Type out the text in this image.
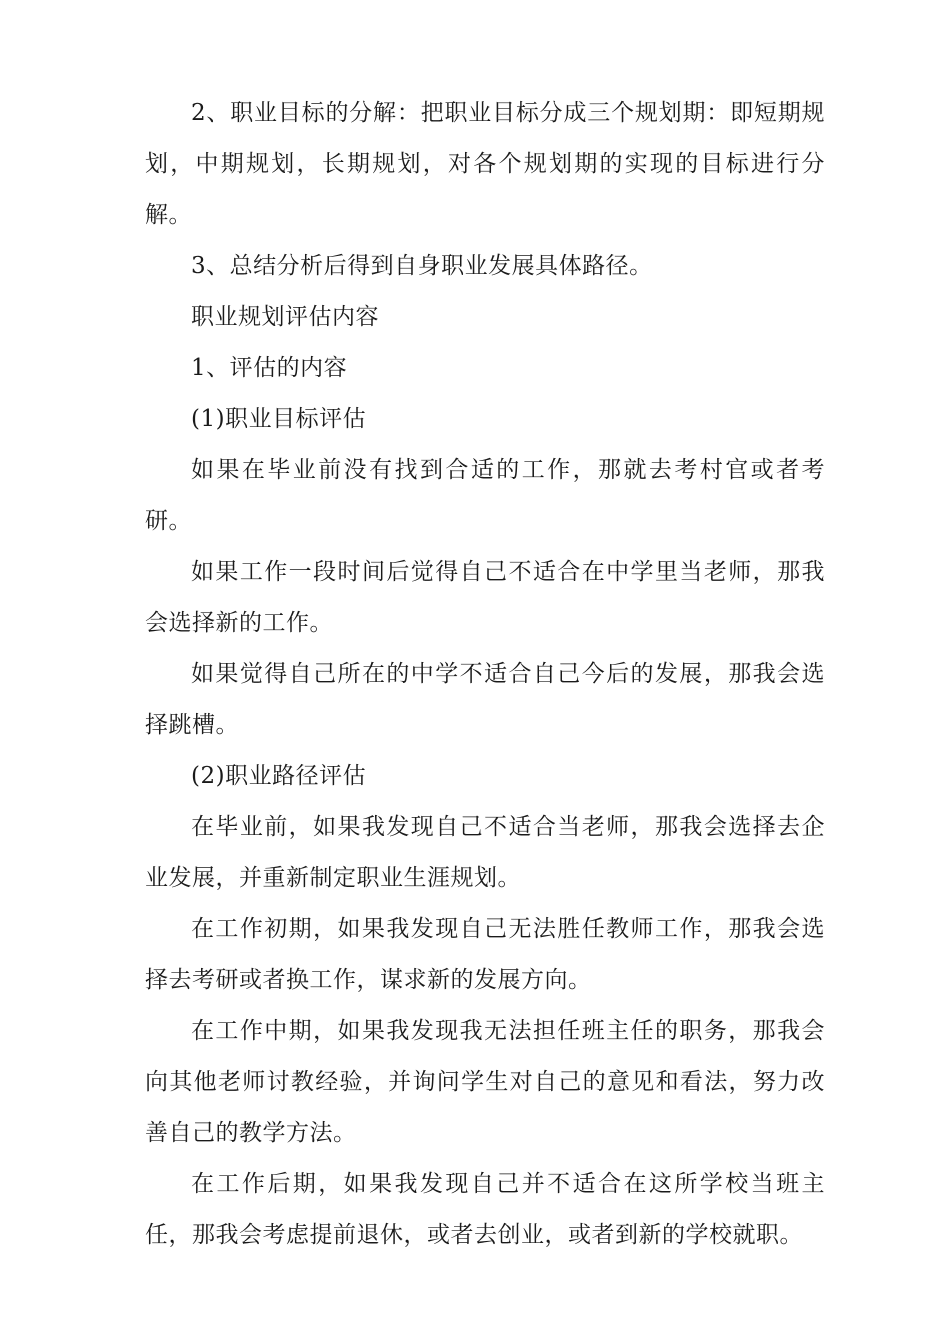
2、职业目标的分解：把职业目标分成三个规划期：即短期规划，中期规划，长期规划，对各个规划期的实现的目标进行分解。

3、总结分析后得到自身职业发展具体路径。

职业规划评估内容

1、评估的内容

(1)职业目标评估

如果在毕业前没有找到合适的工作，那就去考村官或者考研。

如果工作一段时间后觉得自己不适合在中学里当老师，那我会选择新的工作。

如果觉得自己所在的中学不适合自己今后的发展，那我会选择跳槽。

(2)职业路径评估

在毕业前，如果我发现自己不适合当老师，那我会选择去企业发展，并重新制定职业生涯规划。

在工作初期，如果我发现自己无法胜任教师工作，那我会选择去考研或者换工作，谋求新的发展方向。

在工作中期，如果我发现我无法担任班主任的职务，那我会向其他老师讨教经验，并询问学生对自己的意见和看法，努力改善自己的教学方法。

在工作后期，如果我发现自己并不适合在这所学校当班主任，那我会考虑提前退休，或者去创业，或者到新的学校就职。
